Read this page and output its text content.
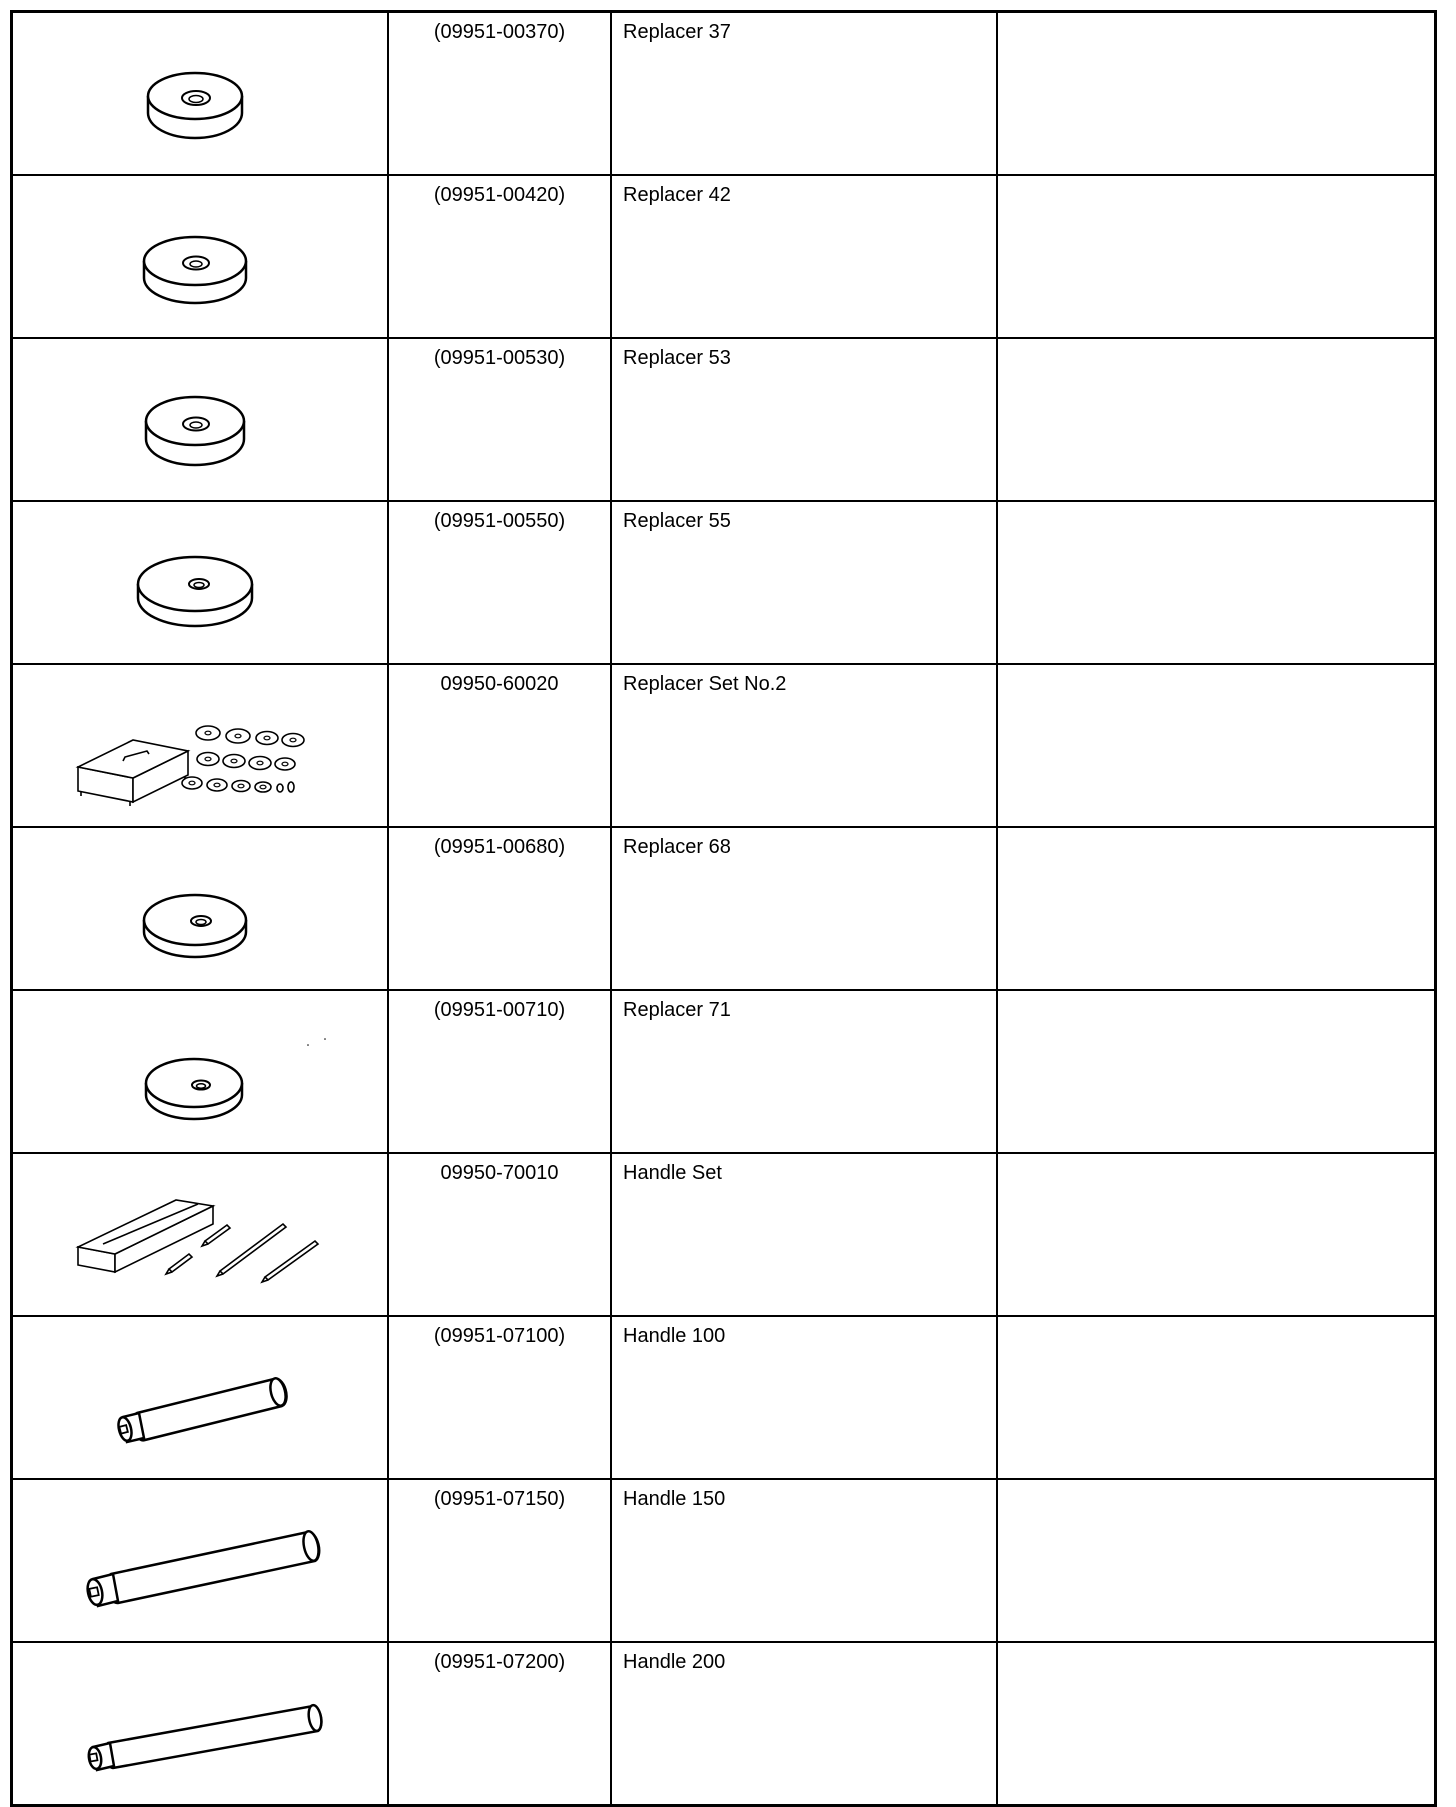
(09951-00370)	Replacer 37	

(09951-00420)	Replacer 42	

(09951-00530)	Replacer 53	

(09951-00550)	Replacer 55	

09950-60020	Replacer Set No.2	

(09951-00680)	Replacer 68	

(09951-00710)	Replacer 71	

09950-70010	Handle Set	

(09951-07100)	Handle 100	

(09951-07150)	Handle 150	

(09951-07200)	Handle 200	
